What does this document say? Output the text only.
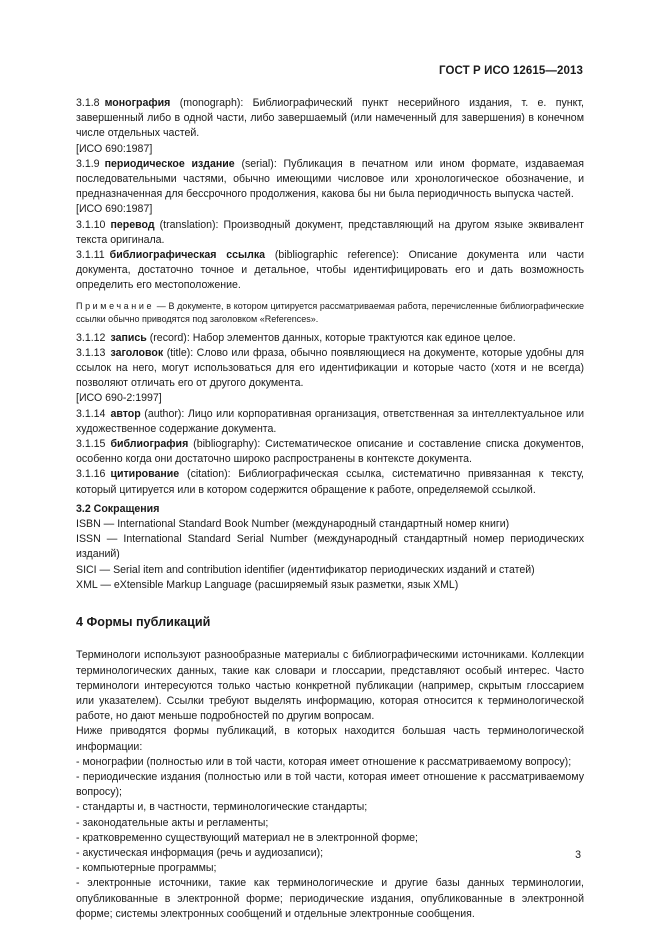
ГОСТ Р ИСО 12615—2013

3.1.8 монография (monograph): Библиографический пункт несерийного издания, т. е. пункт, завершенный либо в одной части, либо завершаемый (или намеченный для завершения) в конечном числе отдельных частей.

[ИСО 690:1987]

3.1.9 периодическое издание (serial): Публикация в печатном или ином формате, издаваемая последовательными частями, обычно имеющими числовое или хронологическое обозначение, и предназначенная для бессрочного продолжения, какова бы ни была периодичность выпуска частей.

[ИСО 690:1987]

3.1.10 перевод (translation): Производный документ, представляющий на другом языке эквивалент текста оригинала.

3.1.11 библиографическая ссылка (bibliographic reference): Описание документа или части документа, достаточно точное и детальное, чтобы идентифицировать его и дать возможность определить его местоположение.

Примечание — В документе, в котором цитируется рассматриваемая работа, перечисленные библиографические ссылки обычно приводятся под заголовком «References».

3.1.12 запись (record): Набор элементов данных, которые трактуются как единое целое.

3.1.13 заголовок (title): Слово или фраза, обычно появляющиеся на документе, которые удобны для ссылок на него, могут использоваться для его идентификации и которые часто (хотя и не всегда) позволяют отличать его от другого документа.

[ИСО 690-2:1997]

3.1.14 автор (author): Лицо или корпоративная организация, ответственная за интеллектуальное или художественное содержание документа.

3.1.15 библиография (bibliography): Систематическое описание и составление списка документов, особенно когда они достаточно широко распространены в контексте документа.

3.1.16 цитирование (citation): Библиографическая ссылка, систематично привязанная к тексту, который цитируется или в котором содержится обращение к работе, определяемой ссылкой.

3.2 Сокращения

ISBN — International Standard Book Number (международный стандартный номер книги)

ISSN — International Standard Serial Number (международный стандартный номер периодических изданий)

SICI — Serial item and contribution identifier (идентификатор периодических изданий и статей)

XML — eXtensible Markup Language (расширяемый язык разметки, язык XML)

4 Формы публикаций

Терминологи используют разнообразные материалы с библиографическими источниками. Коллекции терминологических данных, такие как словари и глоссарии, представляют особый интерес. Часто терминологи интересуются только частью конкретной публикации (например, скрытым глоссарием или указателем). Ссылки требуют выделять информацию, которая относится к терминологической работе, но дают меньше подробностей по другим вопросам.

Ниже приводятся формы публикаций, в которых находится большая часть терминологической информации:

- монографии (полностью или в той части, которая имеет отношение к рассматриваемому вопросу);

- периодические издания (полностью или в той части, которая имеет отношение к рассматриваемому вопросу);

- стандарты и, в частности, терминологические стандарты;

- законодательные акты и регламенты;

- кратковременно существующий материал не в электронной форме;

- акустическая информация (речь и аудиозаписи);

- компьютерные программы;

- электронные источники, такие как терминологические и другие базы данных терминологии, опубликованные в электронной форме; периодические издания, опубликованные в электронной форме; системы электронных сообщений и отдельные электронные сообщения.

3
